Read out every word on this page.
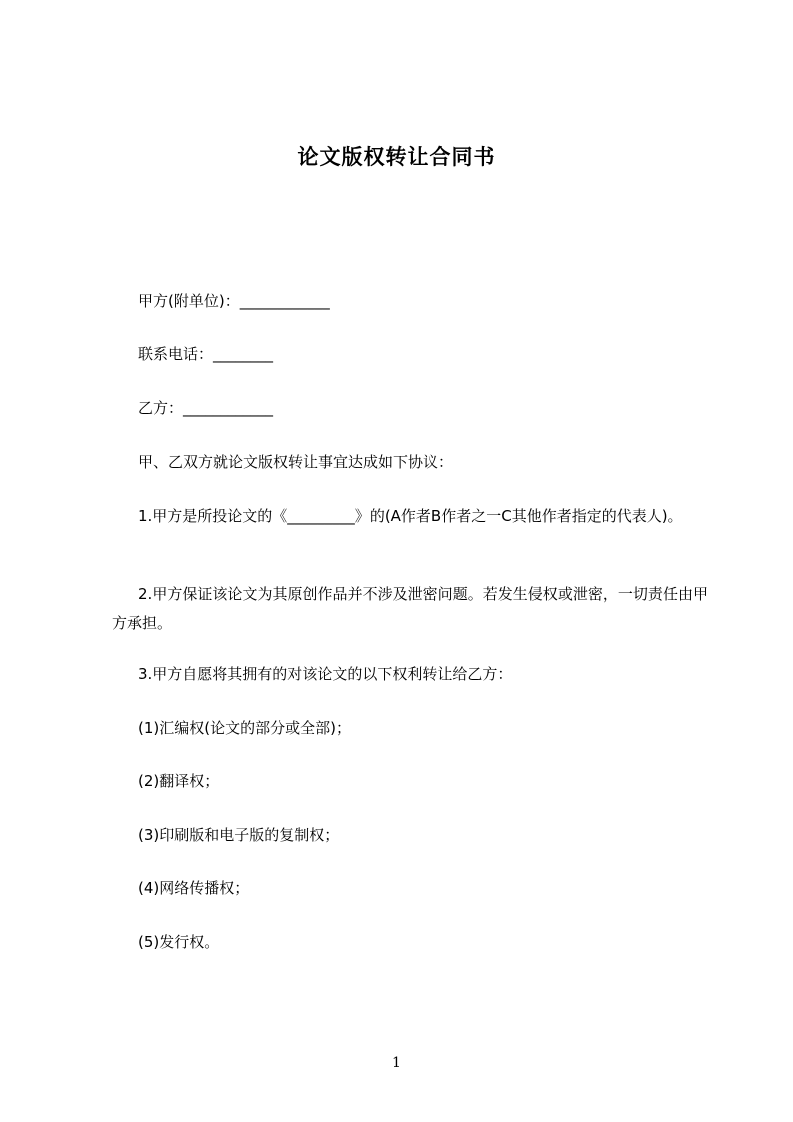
论文版权转让合同书
甲方(附单位)：____________
联系电话：________
乙方：____________
甲、乙双方就论文版权转让事宜达成如下协议：
1.甲方是所投论文的《_________》的(A作者B作者之一C其他作者指定的代表人)。
2.甲方保证该论文为其原创作品并不涉及泄密问题。若发生侵权或泄密，一切责任由甲方承担。
3.甲方自愿将其拥有的对该论文的以下权利转让给乙方：
(1)汇编权(论文的部分或全部)；
(2)翻译权；
(3)印刷版和电子版的复制权；
(4)网络传播权；
(5)发行权。
1
